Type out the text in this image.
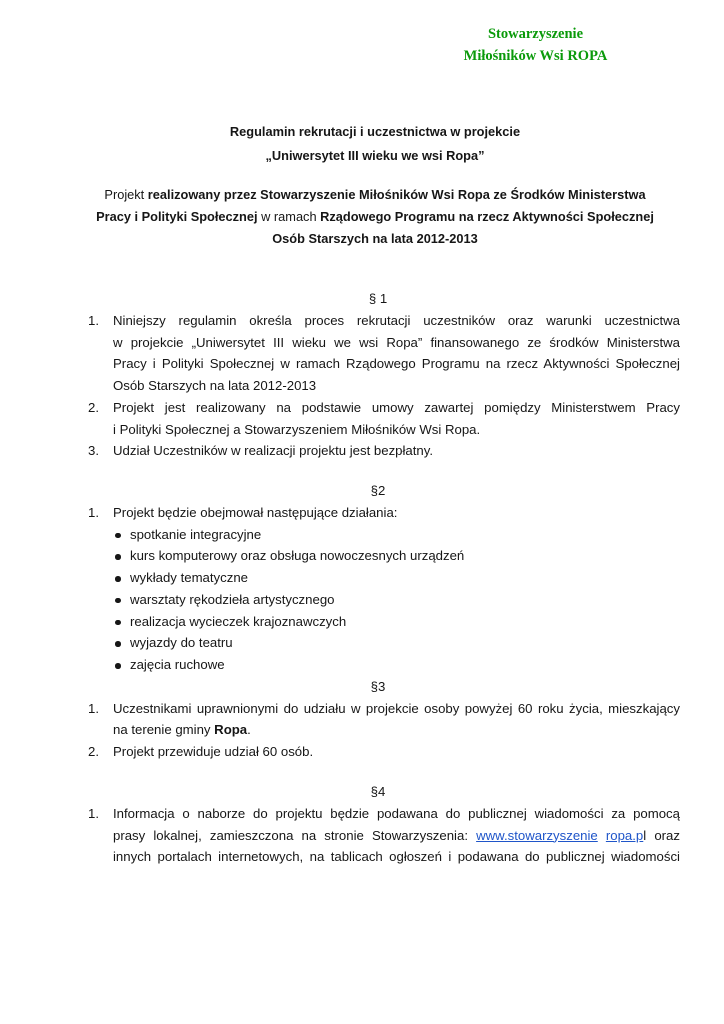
Stowarzyszenie
Miłośników Wsi ROPA
Regulamin rekrutacji i uczestnictwa w projekcie
„Uniwersytet III wieku we wsi Ropa”
Projekt realizowany przez Stowarzyszenie Miłośników Wsi Ropa ze Środków Ministerstwa
Pracy i Polityki Społecznej w ramach Rządowego Programu na rzecz Aktywności Społecznej
Osób Starszych na lata 2012-2013
§ 1
1.	Niniejszy regulamin określa proces rekrutacji uczestników oraz warunki uczestnictwa
w projekcie „Uniwersytet III wieku we wsi Ropa” finansowanego ze środków Ministerstwa
Pracy i Polityki Społecznej w ramach Rządowego Programu na rzecz Aktywności Społecznej
Osób Starszych na lata 2012-2013
2.	Projekt jest realizowany na podstawie umowy zawartej pomiędzy Ministerstwem Pracy
i Polityki Społecznej a Stowarzyszeniem Miłośników Wsi Ropa.
3.	Udział Uczestników w realizacji projektu jest bezpłatny.
§2
1.	Projekt będzie obejmował następujące działania:
spotkanie integracyjne
kurs komputerowy oraz obsługa nowoczesnych urządzeń
wykłady tematyczne
warsztaty rękodzieła artystycznego
realizacja wycieczek krajoznawczych
wyjazdy do teatru
zajęcia ruchowe
§3
1.	Uczestnikami uprawnionymi do udziału w projekcie osoby powyżej 60 roku życia, mieszkający
na terenie gminy Ropa.
2.	Projekt przewiduje udział 60 osób.
§4
1.	Informacja o naborze do projektu będzie podawana do publicznej wiadomości za pomocą
prasy lokalnej, zamieszczona na stronie Stowarzyszenia: www.stowarzyszenie ropa.pl oraz
innych portalach internetowych, na tablicach ogłoszeń i podawana do publicznej wiadomości
